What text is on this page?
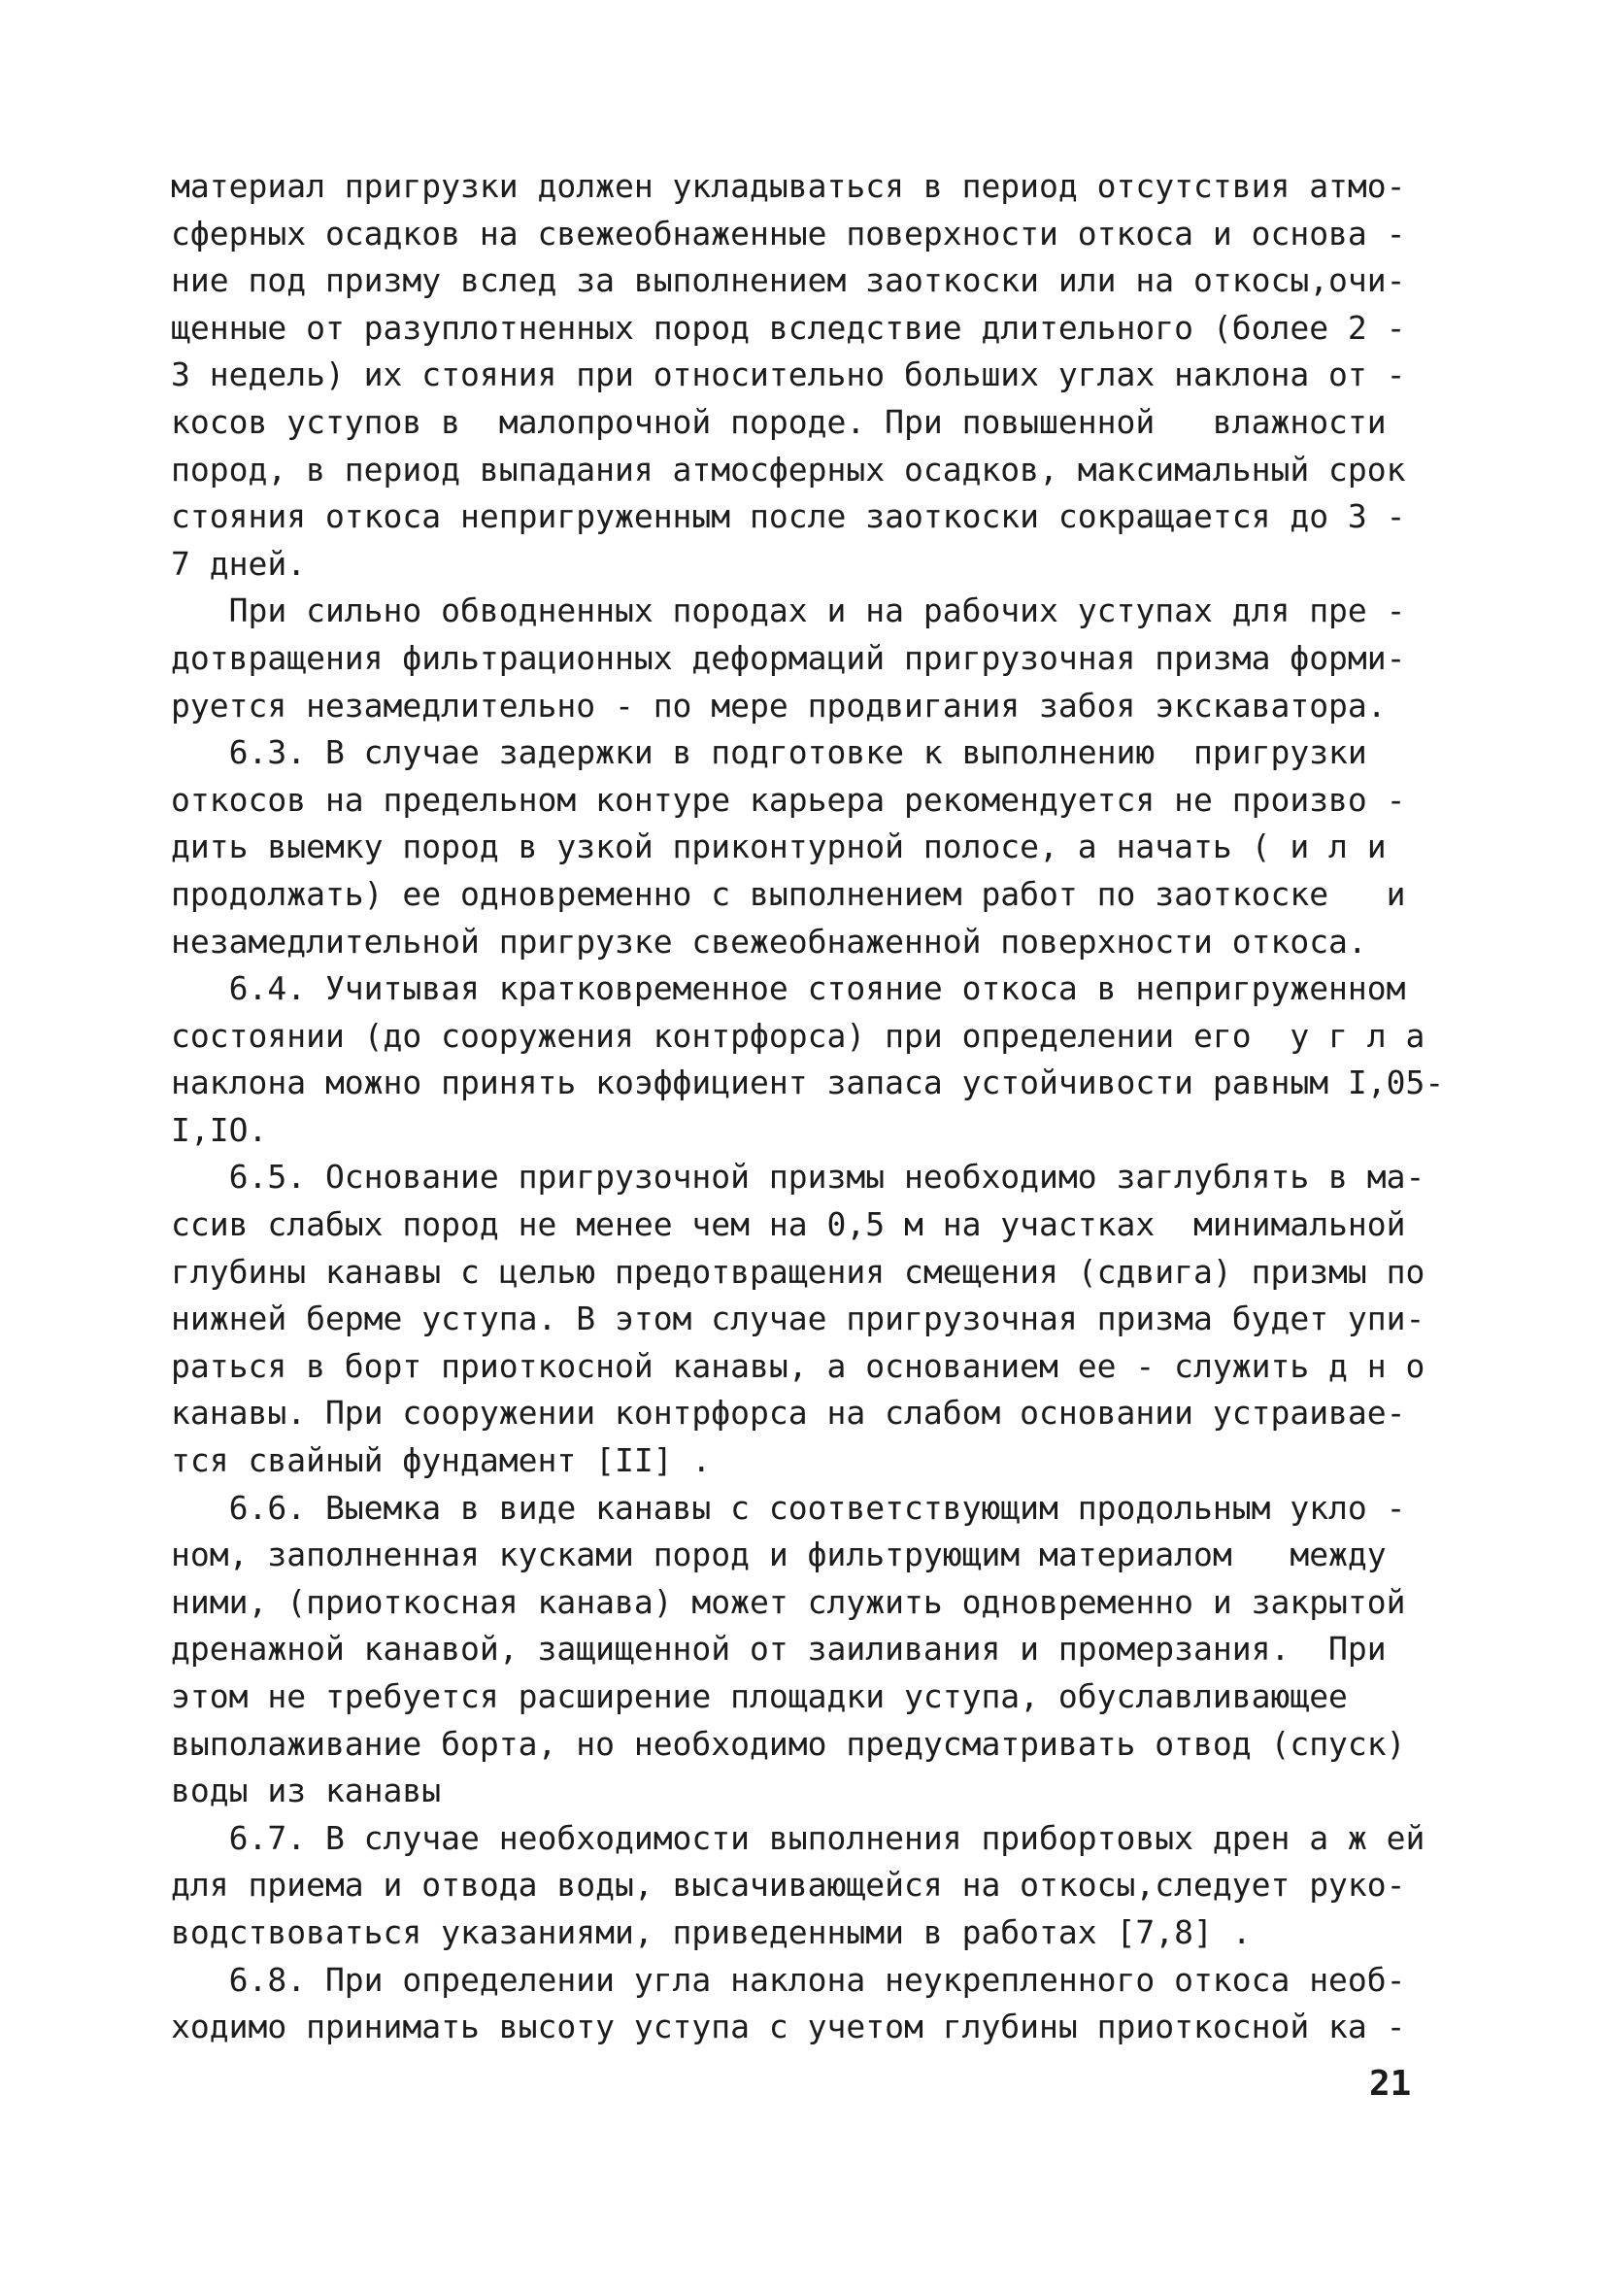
материал пригрузки должен укладываться в период отсутствия атмо-
сферных осадков на свежеобнаженные поверхности откоса и основа -
ние под призму вслед за выполнением заоткоски или на откосы,очи-
щенные от разуплотненных пород вследствие длительного (более 2 -
3 недель) их стояния при относительно больших углах наклона от -
косов уступов в  малопрочной породе. При повышенной   влажности
пород, в период выпадания атмосферных осадков, максимальный срок
стояния откоса непригруженным после заоткоски сокращается до 3 -
7 дней.
При сильно обводненных породах и на рабочих уступах для пре -
дотвращения фильтрационных деформаций пригрузочная призма форми-
руется незамедлительно - по мере продвигания забоя экскаватора.
6.3. В случае задержки в подготовке к выполнению  пригрузки
откосов на предельном контуре карьера рекомендуется не произво -
дить выемку пород в узкой приконтурной полосе, а начать ( и л и
продолжать) ее одновременно с выполнением работ по заоткоске   и
незамедлительной пригрузке свежеобнаженной поверхности откоса.
6.4. Учитывая кратковременное стояние откоса в непригруженном
состоянии (до сооружения контрфорса) при определении его  у г л а
наклона можно принять коэффициент запаса устойчивости равным I,05-
I,IO.
6.5. Основание пригрузочной призмы необходимо заглублять в ма-
ссив слабых пород не менее чем на 0,5 м на участках  минимальной
глубины канавы с целью предотвращения смещения (сдвига) призмы по
нижней берме уступа. В этом случае пригрузочная призма будет упи-
раться в борт приоткосной канавы, а основанием ее - служить д н о
канавы. При сооружении контрфорса на слабом основании устраивае-
тся свайный фундамент [II] .
6.6. Выемка в виде канавы с соответствующим продольным укло -
ном, заполненная кусками пород и фильтрующим материалом   между
ними, (приоткосная канава) может служить одновременно и закрытой
дренажной канавой, защищенной от заиливания и промерзания.  При
этом не требуется расширение площадки уступа, обуславливающее
выполаживание борта, но необходимо предусматривать отвод (спуск)
воды из канавы
6.7. В случае необходимости выполнения прибортовых дрен а ж ей
для приема и отвода воды, высачивающейся на откосы,следует руко-
водствоваться указаниями, приведенными в работах [7,8] .
6.8. При определении угла наклона неукрепленного откоса необ-
ходимо принимать высоту уступа с учетом глубины приоткосной ка -
21
